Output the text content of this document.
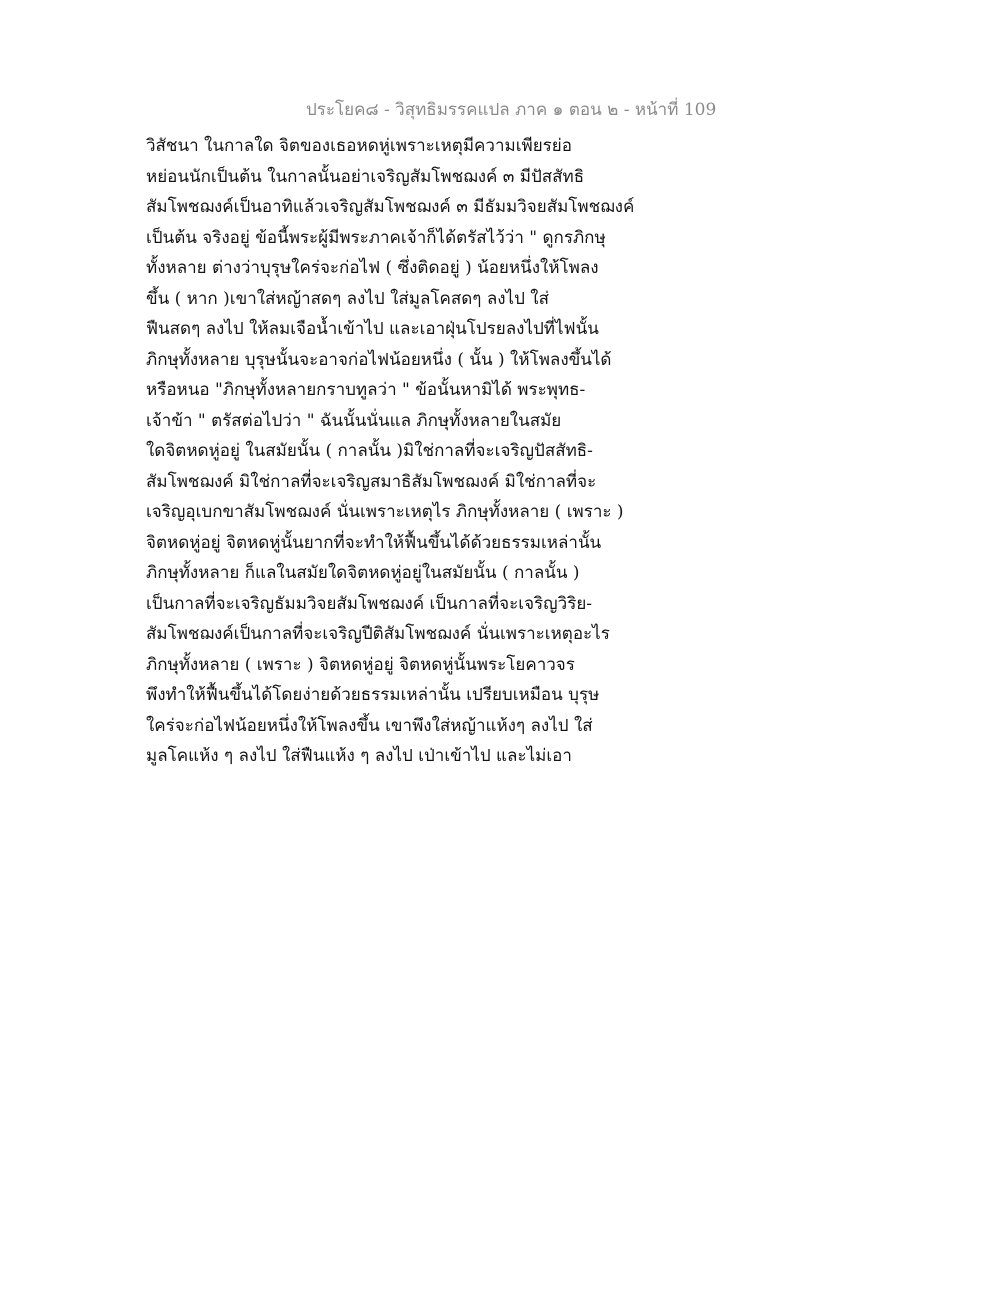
ประโยค๘ - วิสุทธิมรรคแปล ภาค ๑ ตอน ๒ - หน้าที่ 109
วิสัชนา ในกาลใด จิตของเธอหดหู่เพราะเหตุมีความเพียรย่อ
หย่อนนักเป็นต้น ในกาลนั้นอย่าเจริญสัมโพชฌงค์ ๓ มีปัสสัทธิ
สัมโพชฌงค์เป็นอาทิแล้วเจริญสัมโพชฌงค์ ๓ มีธัมมวิจยสัมโพชฌงค์
เป็นต้น จริงอยู่ ข้อนี้พระผู้มีพระภาคเจ้าก็ได้ตรัสไว้ว่า " ดูกรภิกษุ
ทั้งหลาย ต่างว่าบุรุษใคร่จะก่อไฟ ( ซึ่งติดอยู่ ) น้อยหนึ่งให้โพลง
ขึ้น ( หาก )เขาใส่หญ้าสดๆ ลงไป ใส่มูลโคสดๆ ลงไป ใส่
ฟืนสดๆ ลงไป ให้ลมเจือน้ำเข้าไป และเอาฝุ่นโปรยลงไปที่ไฟนั้น
ภิกษุทั้งหลาย บุรุษนั้นจะอาจก่อไฟน้อยหนึ่ง ( นั้น ) ให้โพลงขึ้นได้
หรือหนอ "ภิกษุทั้งหลายกราบทูลว่า " ข้อนั้นหามิได้ พระพุทธ-
เจ้าข้า " ตรัสต่อไปว่า " ฉันนั้นนั่นแล ภิกษุทั้งหลายในสมัย
ใดจิตหดหู่อยู่ ในสมัยนั้น ( กาลนั้น )มิใช่กาลที่จะเจริญปัสสัทธิ-
สัมโพชฌงค์ มิใช่กาลที่จะเจริญสมาธิสัมโพชฌงค์ มิใช่กาลที่จะ
เจริญอุเบกขาสัมโพชฌงค์ นั่นเพราะเหตุไร ภิกษุทั้งหลาย ( เพราะ )
จิตหดหู่อยู่ จิตหดหู่นั้นยากที่จะทำให้ฟื้นขึ้นได้ด้วยธรรมเหล่านั้น
ภิกษุทั้งหลาย ก็แลในสมัยใดจิตหดหู่อยู่ในสมัยนั้น ( กาลนั้น )
เป็นกาลที่จะเจริญธัมมวิจยสัมโพชฌงค์ เป็นกาลที่จะเจริญวิริย-
สัมโพชฌงค์เป็นกาลที่จะเจริญปีติสัมโพชฌงค์ นั่นเพราะเหตุอะไร
ภิกษุทั้งหลาย ( เพราะ ) จิตหดหู่อยู่ จิตหดหู่นั้นพระโยคาวจร
พึงทำให้ฟื้นขึ้นได้โดยง่ายด้วยธรรมเหล่านั้น เปรียบเหมือน บุรุษ
ใคร่จะก่อไฟน้อยหนึ่งให้โพลงขึ้น เขาพึงใส่หญ้าแห้งๆ ลงไป ใส่
มูลโคแห้ง ๆ ลงไป ใส่ฟืนแห้ง ๆ ลงไป เป่าเข้าไป และไม่เอา
